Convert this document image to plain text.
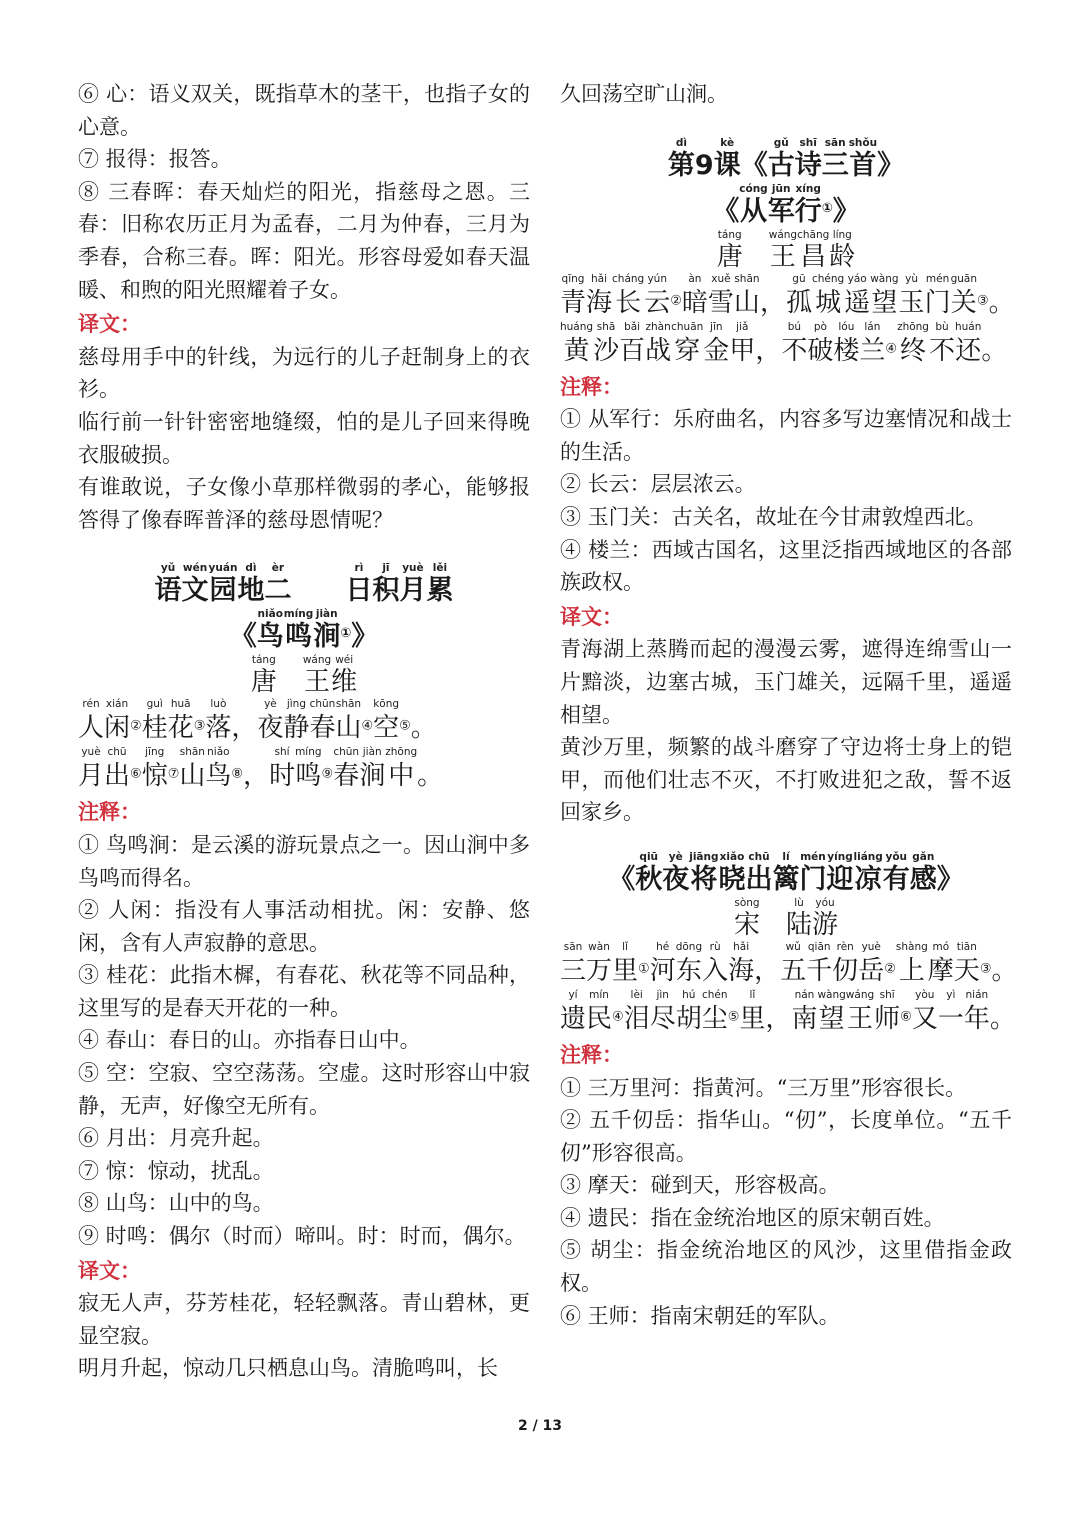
⑥ 心：语义双关，既指草木的茎干，也指子女的心意。

⑦ 报得：报答。

⑧ 三春晖：春天灿烂的阳光，指慈母之恩。三春：旧称农历正月为孟春，二月为仲春，三月为季春，合称三春。晖：阳光。形容母爱如春天温暖、和煦的阳光照耀着子女。

译文：

慈母用手中的针线，为远行的儿子赶制身上的衣衫。

临行前一针针密密地缝缀，怕的是儿子回来得晚衣服破损。

有谁敢说，子女像小草那样微弱的孝心，能够报答得了像春晖普泽的慈母恩情呢？

yǔ
语
wén
文
yuán
园
dì
地
èr
二

rì
日
jī
积
yuè
月
lěi
累
《
niǎo
鸟
míng
鸣
jiàn
涧 ① 》
táng
唐

wáng
王
wéi
维
rén
人
xián
闲 ②
guì
桂
huā
花 ③
luò
落 ，
yè
夜
jìng
静
chūn
春
shān
山 ④
kōng
空 ⑤ 。
yuè
月
chū
出 ⑥
jīng
惊 ⑦
shān
山
niǎo
鸟 ⑧ ，
shí
时
míng
鸣 ⑨
chūn
春
jiàn
涧
zhōng
中 。

注释：

① 鸟鸣涧：是云溪的游玩景点之一。因山涧中多鸟鸣而得名。

② 人闲：指没有人事活动相扰。闲：安静、悠闲，含有人声寂静的意思。

③ 桂花：此指木樨，有春花、秋花等不同品种，这里写的是春天开花的一种。

④ 春山：春日的山。亦指春日山中。

⑤ 空：空寂、空空荡荡。空虚。这时形容山中寂静，无声，好像空无所有。

⑥ 月出：月亮升起。

⑦ 惊：惊动，扰乱。

⑧ 山鸟：山中的鸟。

⑨ 时鸣：偶尔（时而）啼叫。时：时而，偶尔。

译文：

寂无人声，芬芳桂花，轻轻飘落。青山碧林，更显空寂。

明月升起，惊动几只栖息山鸟。清脆鸣叫，长

久回荡空旷山涧。

dì
第 9
kè
课 《
gǔ
古
shī
诗
sān
三
shǒu
首 》
《
cóng
从
jūn
军
xíng
行 ① 》
táng
唐

wáng
王
chāng
昌
líng
龄
qīng
青
hǎi
海
cháng
长
yún
云 ②
àn
暗
xuě
雪
shān
山 ，
gū
孤
chéng
城
yáo
遥
wàng
望
yù
玉
mén
门
guān
关 ③ 。
huáng
黄
shā
沙
bǎi
百
zhàn
战
chuān
穿
jīn
金
jiǎ
甲 ，
bú
不
pò
破
lóu
楼
lán
兰 ④
zhōng
终
bù
不
huán
还 。

注释：

① 从军行：乐府曲名，内容多写边塞情况和战士的生活。

② 长云：层层浓云。

③ 玉门关：古关名，故址在今甘肃敦煌西北。

④ 楼兰：西域古国名，这里泛指西域地区的各部族政权。

译文：

青海湖上蒸腾而起的漫漫云雾，遮得连绵雪山一片黯淡，边塞古城，玉门雄关，远隔千里，遥遥相望。

黄沙万里，频繁的战斗磨穿了守边将士身上的铠甲，而他们壮志不灭，不打败进犯之敌，誓不返回家乡。

《
qiū
秋
yè
夜
jiāng
将
xiǎo
晓
chū
出
lí
篱
mén
门
yíng
迎
liáng
凉
yǒu
有
gǎn
感 》
sòng
宋

lù
陆
yóu
游
sān
三
wàn
万
lǐ
里 ①
hé
河
dōng
东
rù
入
hǎi
海 ，
wǔ
五
qiān
千
rèn
仞
yuè
岳 ②
shàng
上
mó
摩
tiān
天 ③ 。
yí
遗
mín
民 ④
lèi
泪
jìn
尽
hú
胡
chén
尘 ⑤
lǐ
里 ，
nán
南
wàng
望
wáng
王
shī
师 ⑥
yòu
又
yì
一
nián
年 。

注释：

① 三万里河：指黄河。“三万里”形容很长。

② 五千仞岳：指华山。“仞”，长度单位。“五千仞”形容很高。

③ 摩天：碰到天，形容极高。

④ 遗民：指在金统治地区的原宋朝百姓。

⑤ 胡尘：指金统治地区的风沙，这里借指金政权。

⑥ 王师：指南宋朝廷的军队。

2 / 13
